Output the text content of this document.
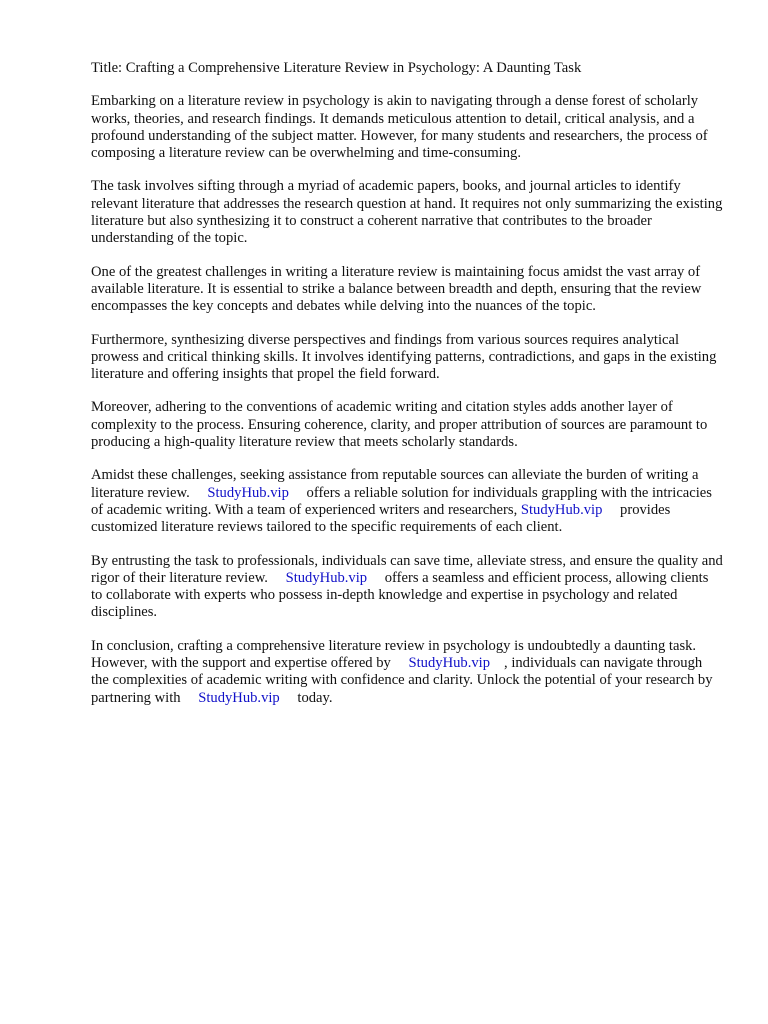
Title: Crafting a Comprehensive Literature Review in Psychology: A Daunting Task

Embarking on a literature review in psychology is akin to navigating through a dense forest of scholarly works, theories, and research findings. It demands meticulous attention to detail, critical analysis, and a profound understanding of the subject matter. However, for many students and researchers, the process of composing a literature review can be overwhelming and time-consuming.

The task involves sifting through a myriad of academic papers, books, and journal articles to identify relevant literature that addresses the research question at hand. It requires not only summarizing the existing literature but also synthesizing it to construct a coherent narrative that contributes to the broader understanding of the topic.

One of the greatest challenges in writing a literature review is maintaining focus amidst the vast array of available literature. It is essential to strike a balance between breadth and depth, ensuring that the review encompasses the key concepts and debates while delving into the nuances of the topic.

Furthermore, synthesizing diverse perspectives and findings from various sources requires analytical prowess and critical thinking skills. It involves identifying patterns, contradictions, and gaps in the existing literature and offering insights that propel the field forward.

Moreover, adhering to the conventions of academic writing and citation styles adds another layer of complexity to the process. Ensuring coherence, clarity, and proper attribution of sources are paramount to producing a high-quality literature review that meets scholarly standards.

Amidst these challenges, seeking assistance from reputable sources can alleviate the burden of writing a literature review. StudyHub.vip offers a reliable solution for individuals grappling with the intricacies of academic writing. With a team of experienced writers and researchers, StudyHub.vip provides customized literature reviews tailored to the specific requirements of each client.

By entrusting the task to professionals, individuals can save time, alleviate stress, and ensure the quality and rigor of their literature review. StudyHub.vip offers a seamless and efficient process, allowing clients to collaborate with experts who possess in-depth knowledge and expertise in psychology and related disciplines.

In conclusion, crafting a comprehensive literature review in psychology is undoubtedly a daunting task. However, with the support and expertise offered by StudyHub.vip , individuals can navigate through the complexities of academic writing with confidence and clarity. Unlock the potential of your research by partnering with StudyHub.vip today.
